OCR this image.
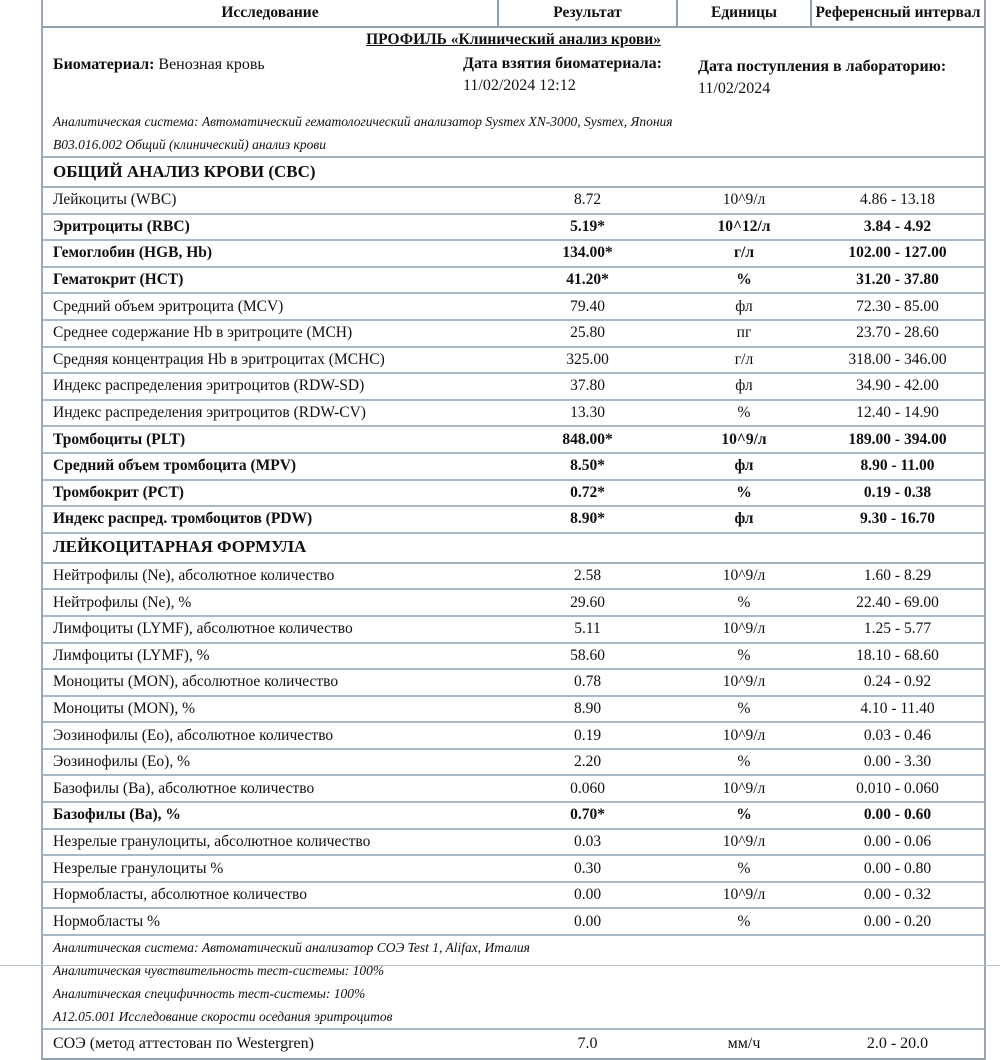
Исследование	Результат	Единицы	Референсный интервал
ПРОФИЛЬ «Клинический анализ крови»			

Биоматериал: Венозная кровь Дата взятия биоматериала:
11/02/2024 12:12
Дата поступления в лабораторию:
11/02/2024			

Аналитическая система: Автоматический гематологический анализатор Sysmex XN-3000, Sysmex, Япония			

B03.016.002 Общий (клинический) анализ крови			

ОБЩИЙ АНАЛИЗ КРОВИ (CBC)			
Лейкоциты (WBC)	8.72	10^9/л	4.86 - 13.18
Эритроциты (RBC)	5.19*	10^12/л	3.84 - 4.92
Гемоглобин (HGB, Hb)	134.00*	г/л	102.00 - 127.00
Гематокрит (HCT)	41.20*	%	31.20 - 37.80
Средний объем эритроцита (MCV)	79.40	фл	72.30 - 85.00
Среднее содержание Hb в эритроците (MCH)	25.80	пг	23.70 - 28.60
Средняя концентрация Hb в эритроцитах (MCHC)	325.00	г/л	318.00 - 346.00
Индекс распределения эритроцитов (RDW-SD)	37.80	фл	34.90 - 42.00
Индекс распределения эритроцитов (RDW-CV)	13.30	%	12.40 - 14.90
Тромбоциты (PLT)	848.00*	10^9/л	189.00 - 394.00
Средний объем тромбоцита (MPV)	8.50*	фл	8.90 - 11.00
Тромбокрит (PCT)	0.72*	%	0.19 - 0.38
Индекс распред. тромбоцитов (PDW)	8.90*	фл	9.30 - 16.70
ЛЕЙКОЦИТАРНАЯ ФОРМУЛА			
Нейтрофилы (Ne), абсолютное количество	2.58	10^9/л	1.60 - 8.29
Нейтрофилы (Ne), %	29.60	%	22.40 - 69.00
Лимфоциты (LYMF), абсолютное количество	5.11	10^9/л	1.25 - 5.77
Лимфоциты (LYMF), %	58.60	%	18.10 - 68.60
Моноциты (MON), абсолютное количество	0.78	10^9/л	0.24 - 0.92
Моноциты (MON), %	8.90	%	4.10 - 11.40
Эозинофилы (Eo), абсолютное количество	0.19	10^9/л	0.03 - 0.46
Эозинофилы (Eo), %	2.20	%	0.00 - 3.30
Базофилы (Ba), абсолютное количество	0.060	10^9/л	0.010 - 0.060
Базофилы (Ba), %	0.70*	%	0.00 - 0.60
Незрелые гранулоциты, абсолютное количество	0.03	10^9/л	0.00 - 0.06
Незрелые гранулоциты %	0.30	%	0.00 - 0.80
Нормобласты, абсолютное количество	0.00	10^9/л	0.00 - 0.32
Нормобласты %	0.00	%	0.00 - 0.20

Аналитическая система: Автоматический анализатор СОЭ Test 1, Alifax, Италия			

Аналитическая чувствительность тест-системы: 100%			

Аналитическая специфичность тест-системы: 100%			

A12.05.001 Исследование скорости оседания эритроцитов			

СОЭ (метод аттестован по Westergren)	7.0	мм/ч	2.0 - 20.0
